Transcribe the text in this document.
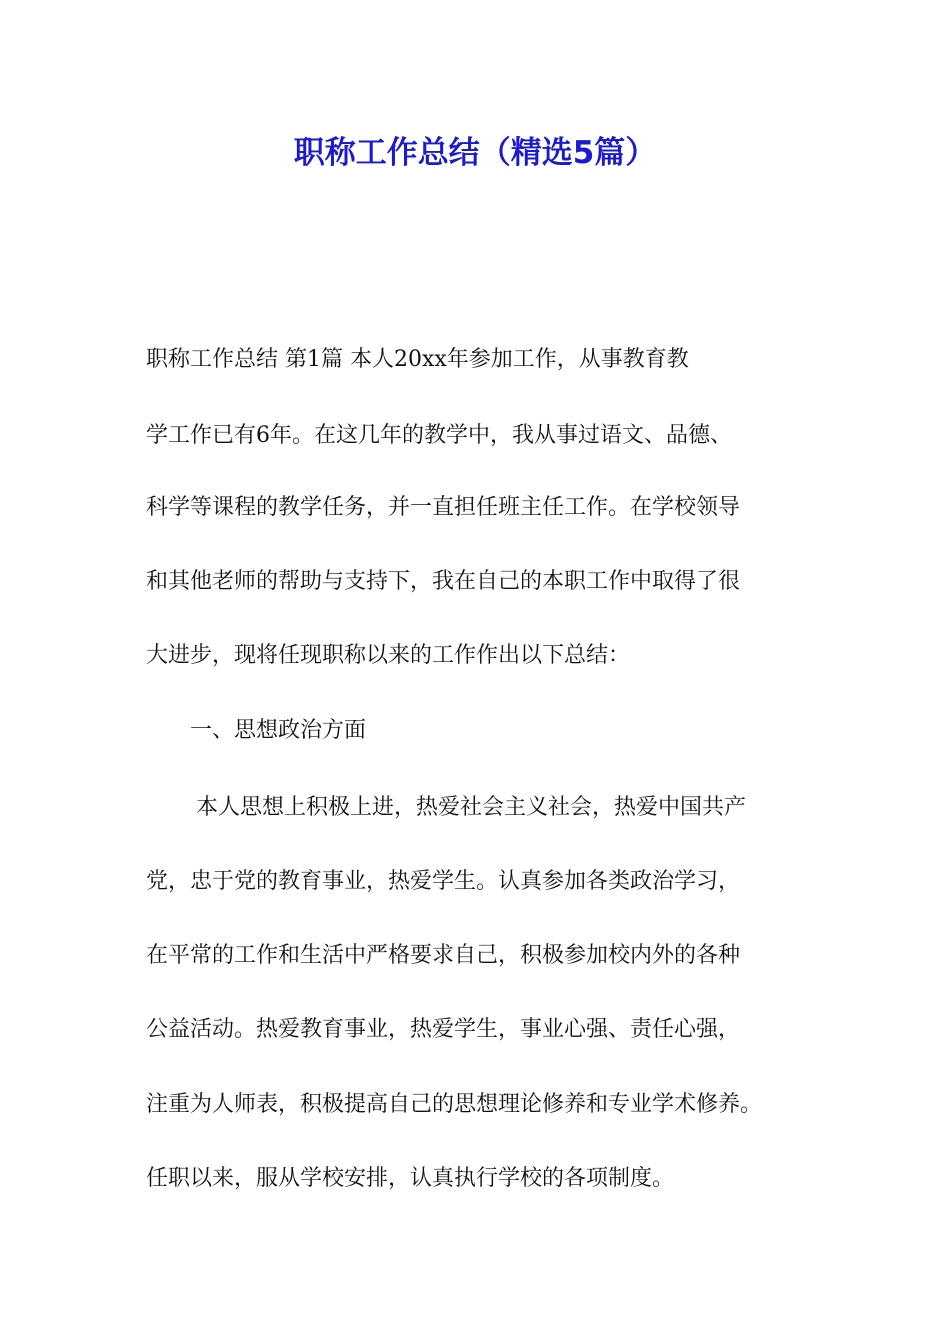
职称工作总结（精选5篇）

职称工作总结 第1篇 本人20xx年参加工作，从事教育教

学工作已有6年。在这几年的教学中，我从事过语文、品德、

科学等课程的教学任务，并一直担任班主任工作。在学校领导

和其他老师的帮助与支持下，我在自己的本职工作中取得了很

大进步，现将任现职称以来的工作作出以下总结：

一、思想政治方面

本人思想上积极上进，热爱社会主义社会，热爱中国共产

党，忠于党的教育事业，热爱学生。认真参加各类政治学习，

在平常的工作和生活中严格要求自己，积极参加校内外的各种

公益活动。热爱教育事业，热爱学生，事业心强、责任心强，

注重为人师表，积极提高自己的思想理论修养和专业学术修养。

任职以来，服从学校安排，认真执行学校的各项制度。
